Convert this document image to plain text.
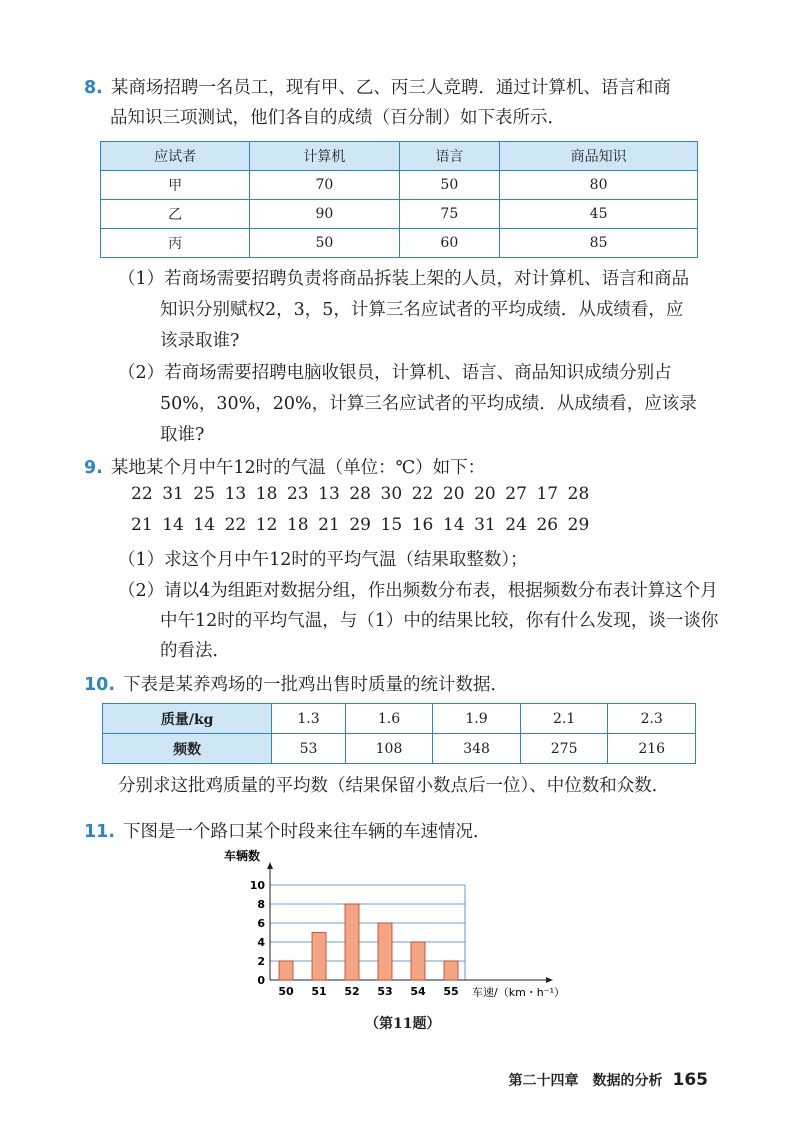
8. 某商场招聘一名员工，现有甲、乙、丙三人竞聘．通过计算机、语言和商
品知识三项测试，他们各自的成绩（百分制）如下表所示．
应试者	计算机	语言	商品知识
甲	70	50	80
乙	90	75	45
丙	50	60	85
（1）若商场需要招聘负责将商品拆装上架的人员，对计算机、语言和商品
知识分别赋权2，3，5，计算三名应试者的平均成绩．从成绩看，应
该录取谁?
（2）若商场需要招聘电脑收银员，计算机、语言、商品知识成绩分别占
50%，30%，20%，计算三名应试者的平均成绩．从成绩看，应该录
取谁?
9. 某地某个月中午12时的气温（单位：℃）如下：
22 31 25 13 18 23 13 28 30 22 20 20 27 17 28
21 14 14 22 12 18 21 29 15 16 14 31 24 26 29
（1）求这个月中午12时的平均气温（结果取整数）；
（2）请以4为组距对数据分组，作出频数分布表，根据频数分布表计算这个月
中午12时的平均气温，与（1）中的结果比较，你有什么发现，谈一谈你
的看法．
10. 下表是某养鸡场的一批鸡出售时质量的统计数据．
质量/kg	1.3	1.6	1.9	2.1	2.3
频数	53	108	348	275	216
分别求这批鸡质量的平均数（结果保留小数点后一位）、中位数和众数．
11. 下图是一个路口某个时段来往车辆的车速情况．
0
2
4
6
8
10
车辆数
车速/（km・h⁻¹）
50 51 52 53 54 55
（第11题）
第二十四章　数据的分析 165
